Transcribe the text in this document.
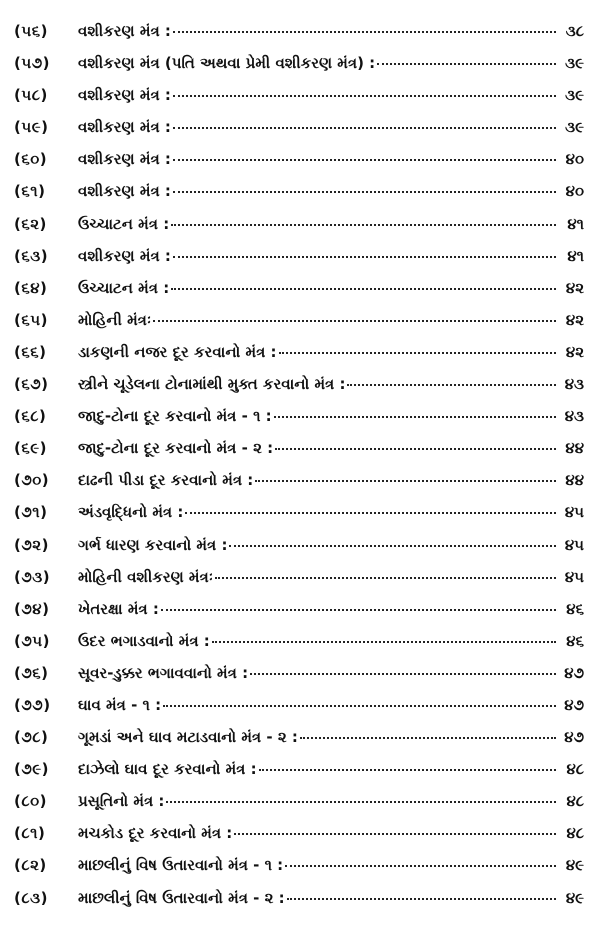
(૫૬)	વશીકરણ મંત્ર :	૩૮
(૫૭)	વશીકરણ મંત્ર (પતિ અથવા પ્રેમી વશીકરણ મંત્ર) :	૩૯
(૫૮)	વશીકરણ મંત્ર :	૩૯
(૫૯)	વશીકરણ મંત્ર :	૩૯
(૬૦)	વશીકરણ મંત્ર :	૪૦
(૬૧)	વશીકરણ મંત્ર :	૪૦
(૬૨)	ઉચ્ચાટન મંત્ર :	૪૧
(૬૩)	વશીકરણ મંત્ર :	૪૧
(૬૪)	ઉચ્ચાટન મંત્ર :	૪૨
(૬૫)	મોહિની મંત્રઃ	૪૨
(૬૬)	ડાકણની નજર દૂર કરવાનો મંત્ર :	૪૨
(૬૭)	સ્ત્રીને ચૂડેલના ટોનામાંથી મુક્ત કરવાનો મંત્ર :	૪૩
(૬૮)	જાદુ-ટોના દૂર કરવાનો મંત્ર - ૧ :	૪૩
(૬૯)	જાદુ-ટોના દૂર કરવાનો મંત્ર - ૨ :	૪૪
(૭૦)	દાઢની પીડા દૂર કરવાનો મંત્ર :	૪૪
(૭૧)	અંડવૃદ્ધિનો મંત્ર :	૪૫
(૭૨)	ગર્ભ ધારણ કરવાનો મંત્ર :	૪૫
(૭૩)	મોહિની વશીકરણ મંત્રઃ	૪૫
(૭૪)	ખેતરક્ષા મંત્ર :	૪૬
(૭૫)	ઉંદર ભગાડવાનો મંત્ર :	૪૬
(૭૬)	સૂવર-ડુક્કર ભગાવવાનો મંત્ર :	૪૭
(૭૭)	ઘાવ મંત્ર - ૧ :	૪૭
(૭૮)	ગૂમડાં અને ઘાવ મટાડવાનો મંત્ર - ૨ :	૪૭
(૭૯)	દાઝેલો ઘાવ દૂર કરવાનો મંત્ર :	૪૮
(૮૦)	પ્રસૂતિનો મંત્ર :	૪૮
(૮૧)	મચકોડ દૂર કરવાનો મંત્ર :	૪૮
(૮૨)	માછલીનું વિષ ઉતારવાનો મંત્ર - ૧ :	૪૯
(૮૩)	માછલીનું વિષ ઉતારવાનો મંત્ર - ૨ :	૪૯
